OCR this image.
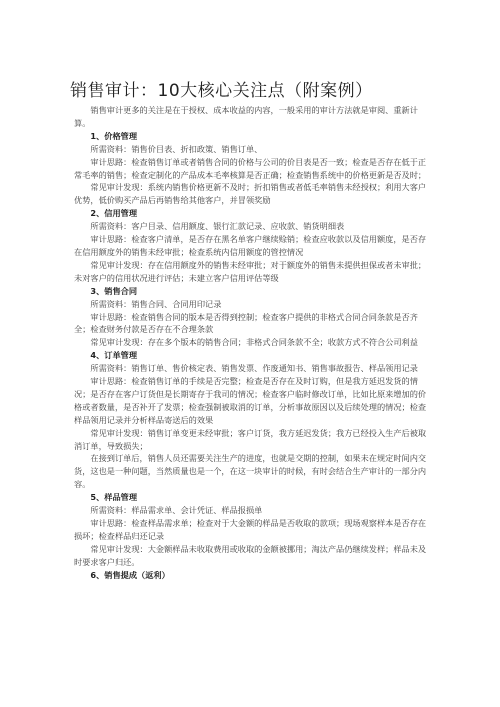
销售审计：10大核心关注点（附案例）

销售审计更多的关注是在于授权、成本收益的内容，一般采用的审计方法就是审阅、重新计算。

1、价格管理

所需资料：销售价目表、折扣政策、销售订单、

审计思路：检查销售订单或者销售合同的价格与公司的价目表是否一致；检查是否存在低于正常毛率的销售；检查定制化的产品成本毛率核算是否正确；检查销售系统中的价格更新是否及时；

常见审计发现：系统内销售价格更新不及时；折扣销售或者低毛率销售未经授权；利用大客户优势，低价购买产品后再销售给其他客户，并冒领奖励

2、信用管理

所需资料：客户目录、信用额度、银行汇款记录、应收款、销货明细表

审计思路：检查客户清单，是否存在黑名单客户继续赊销；检查应收款以及信用额度，是否存在信用额度外的销售未经审批；检查系统内信用额度的管控情况

常见审计发现：存在信用额度外的销售未经审批；对于额度外的销售未提供担保或者未审批；未对客户的信用状况进行评估；未建立客户信用评估等级

3、销售合同

所需资料：销售合同、合同用印记录

审计思路：检查销售合同的版本是否得到控制；检查客户提供的非格式合同合同条款是否齐全；检查财务付款是否存在不合理条款

常见审计发现：存在多个版本的销售合同；非格式合同条款不全；收款方式不符合公司利益

4、订单管理

所需资料：销售订单、售价核定表、销售发票、作废通知书、销售事故报告、样品领用记录

审计思路：检查销售订单的手续是否完整；检查是否存在及时订购，但是我方延迟发货的情况；是否存在客户订货但是长期寄存于我司的情况；检查客户临时修改订单，比如比原来增加的价格或者数量，是否补开了发票；检查强制被取消的订单，分析事故原因以及后续处理的情况；检查样品领用记录并分析样品寄送后的效果

常见审计发现：销售订单变更未经审批；客户订货，我方延迟发货；我方已经投入生产后被取消订单，导致损失；

在接到订单后，销售人员还需要关注生产的进度，也就是交期的控制，如果未在规定时间内交货，这也是一种问题，当然质量也是一个，在这一块审计的时候，有时会结合生产审计的一部分内容。

5、样品管理

所需资料：样品需求单、会计凭证、样品报损单

审计思路：检查样品需求单；检查对于大金额的样品是否收取的款项；现场观察样本是否存在损坏；检查样品归还记录

常见审计发现：大金额样品未收取费用或收取的金额被挪用；淘汰产品仍继续发样；样品未及时要求客户归还。

6、销售提成（返利）
